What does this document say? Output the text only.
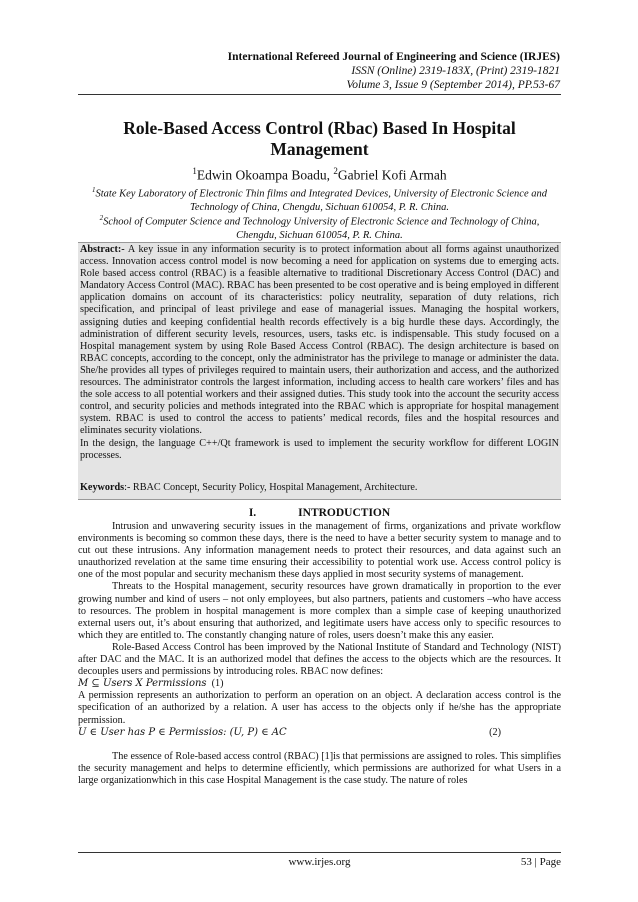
International Refereed Journal of Engineering and Science (IRJES)
ISSN (Online) 2319-183X, (Print) 2319-1821
Volume 3, Issue 9 (September 2014), PP.53-67
Role-Based Access Control (Rbac) Based In Hospital
Management
$^1$Edwin Okoampa Boadu, $^2$Gabriel Kofi Armah
$^1$State Key Laboratory of Electronic Thin films and Integrated Devices, University of Electronic Science and
Technology of China, Chengdu, Sichuan 610054, P. R. China.
$^2$School of Computer Science and Technology University of Electronic Science and Technology of China,
Chengdu, Sichuan 610054, P. R. China.
Abstract:- A key issue in any information security is to protect information about all forms against unauthorized access. Innovation access control model is now becoming a need for application on systems due to emerging acts. Role based access control (RBAC) is a feasible alternative to traditional Discretionary Access Control (DAC) and Mandatory Access Control (MAC). RBAC has been presented to be cost operative and is being employed in different application domains on account of its characteristics: policy neutrality, separation of duty relations, rich specification, and principal of least privilege and ease of managerial issues. Managing the hospital workers, assigning duties and keeping confidential health records effectively is a big hurdle these days. Accordingly, the administration of different security levels, resources, users, tasks etc. is indispensable. This study focused on a Hospital management system by using Role Based Access Control (RBAC). The design architecture is based on RBAC concepts, according to the concept, only the administrator has the privilege to manage or administer the data. She/he provides all types of privileges required to maintain users, their authorization and access, and the authorized resources. The administrator controls the largest information, including access to health care workers’ files and has the sole access to all potential workers and their assigned duties. This study took into the account the security access control, and security policies and methods integrated into the RBAC which is appropriate for hospital management system. RBAC is used to control the access to patients’ medical records, files and the hospital resources and eliminates security violations.
In the design, the language C++/Qt framework is used to implement the security workflow for different LOGIN processes.
Keywords:- RBAC Concept, Security Policy, Hospital Management, Architecture.
I.	INTRODUCTION

Intrusion and unwavering security issues in the management of firms, organizations and private workflow environments is becoming so common these days, there is the need to have a better security system to manage and to cut out these intrusions. Any information management needs to protect their resources, and data against such an unauthorized revelation at the same time ensuring their accessibility to potential work use. Access control policy is one of the most popular and security mechanism these days applied in most security systems of management.

Threats to the Hospital management, security resources have grown dramatically in proportion to the ever growing number and kind of users – not only employees, but also partners, patients and customers –who have access to resources. The problem in hospital management is more complex than a simple case of keeping unauthorized external users out, it’s about ensuring that authorized, and legitimate users have access only to specific resources to which they are entitled to. The constantly changing nature of roles, users doesn’t make this any easier.

Role-Based Access Control has been improved by the National Institute of Standard and Technology (NIST) after DAC and the MAC. It is an authorized model that defines the access to the objects which are the resources. It decouples users and permissions by introducing roles. RBAC now defines:

M ⊆ Users X Permissions (1)

A permission represents an authorization to perform an operation on an object. A declaration access control is the specification of an authorized by a relation. A user has access to the objects only if he/she has the appropriate permission.

U ∈ User has P ∈ Permissios: (U, P) ∈ AC	(2)

The essence of Role-based access control (RBAC) [1]is that permissions are assigned to roles. This simplifies the security management and helps to determine efficiently, which permissions are authorized for what Users in a large organizationwhich in this case Hospital Management is the case study. The nature of roles

www.irjes.org	53 | Page
